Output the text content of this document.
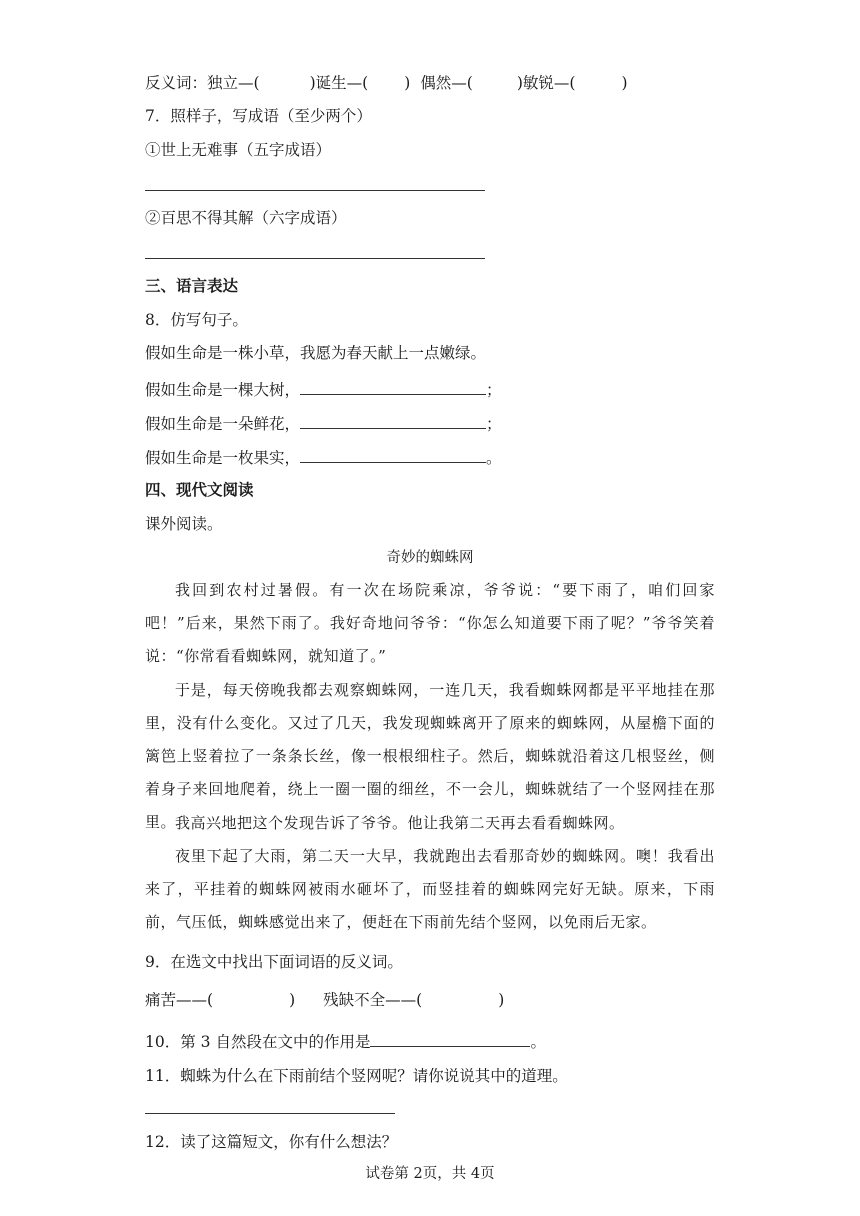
反义词：独立—(	)诞生—( ) 偶然—(	)敏锐—(	)
7．照样子，写成语（至少两个）
①世上无难事（五字成语）
②百思不得其解（六字成语）
三、语言表达
8．仿写句子。
假如生命是一株小草，我愿为春天献上一点嫩绿。
假如生命是一棵大树，	；
假如生命是一朵鲜花，	；
假如生命是一枚果实，	。
四、现代文阅读
课外阅读。
奇妙的蜘蛛网
我回到农村过暑假。有一次在场院乘凉，爷爷说：“要下雨了，咱们回家吧！”后来，果然下雨了。我好奇地问爷爷：“你怎么知道要下雨了呢？”爷爷笑着说：“你常看看蜘蛛网，就知道了。”
于是，每天傍晚我都去观察蜘蛛网，一连几天，我看蜘蛛网都是平平地挂在那里，没有什么变化。又过了几天，我发现蜘蛛离开了原来的蜘蛛网，从屋檐下面的篱笆上竖着拉了一条条长丝，像一根根细柱子。然后，蜘蛛就沿着这几根竖丝，侧着身子来回地爬着，绕上一圈一圈的细丝，不一会儿，蜘蛛就结了一个竖网挂在那里。
我高兴地把这个发现告诉了爷爷。他让我第二天再去看看蜘蛛网。
夜里下起了大雨，第二天一大早，我就跑出去看那奇妙的蜘蛛网。噢！我看出来了，平挂着的蜘蛛网被雨水砸坏了，而竖挂着的蜘蛛网完好无缺。原来，下雨前，气压低，蜘蛛感觉出来了，便赶在下雨前先结个竖网，以免雨后无家。
9．在选文中找出下面词语的反义词。
痛苦——(	) 残缺不全——(	)
10．第 3 自然段在文中的作用是	。
11．蜘蛛为什么在下雨前结个竖网呢？请你说说其中的道理。
12．读了这篇短文，你有什么想法？
试卷第 2页，共 4页
